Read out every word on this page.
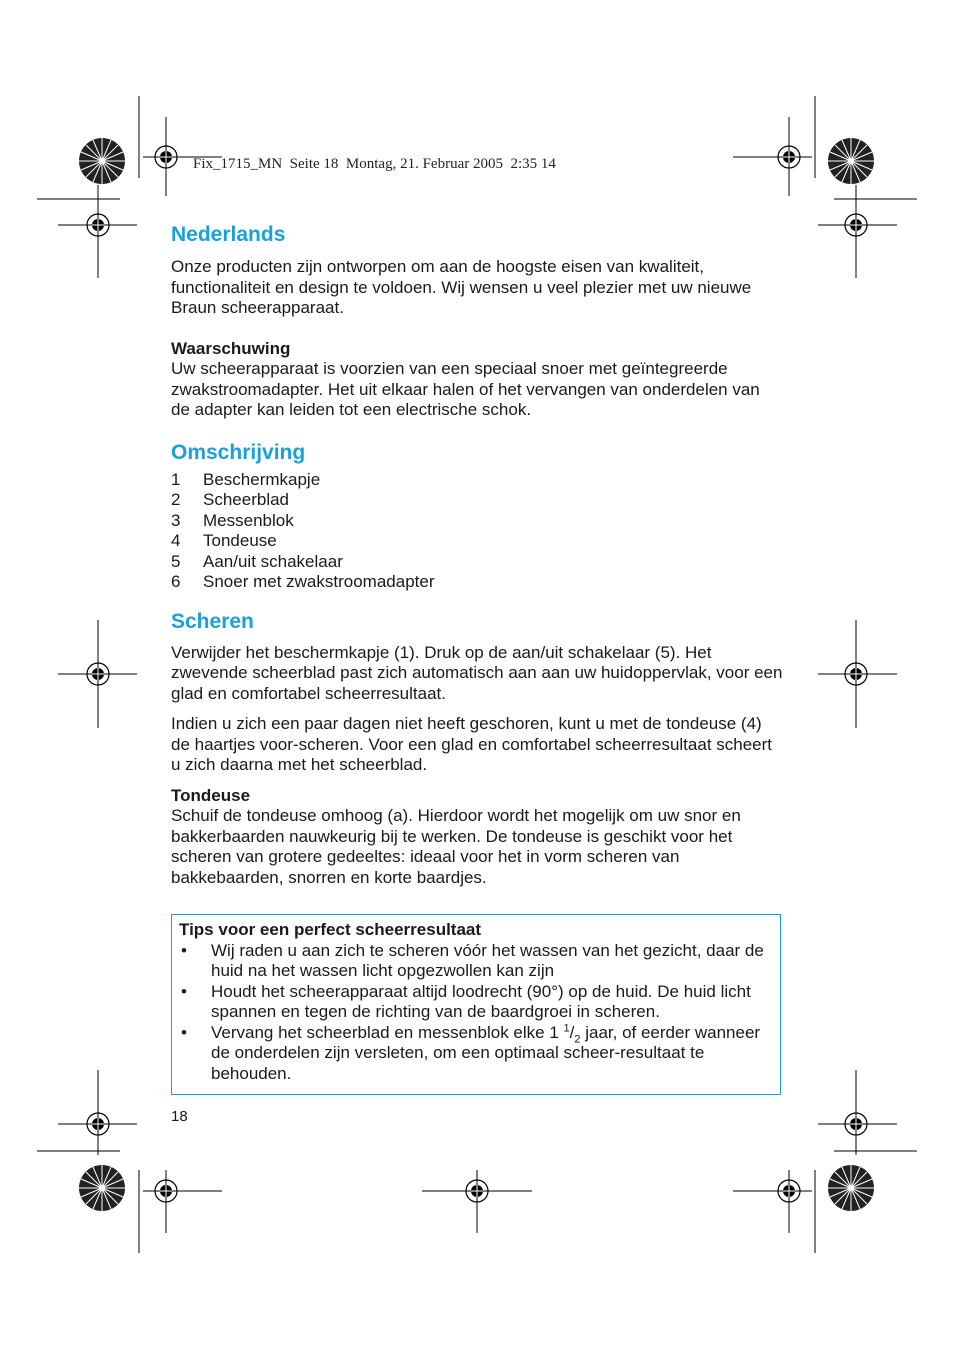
Fix_1715_MN  Seite 18  Montag, 21. Februar 2005  2:35 14
Nederlands

Onze producten zijn ontworpen om aan de hoogste eisen van kwaliteit, functionaliteit en design te voldoen. Wij wensen u veel plezier met uw nieuwe Braun scheerapparaat.

Waarschuwing

Uw scheerapparaat is voorzien van een speciaal snoer met geïntegreerde zwakstroomadapter. Het uit elkaar halen of het vervangen van onderdelen van de adapter kan leiden tot een electrische schok.

Omschrijving
1	Beschermkapje
2	Scheerblad
3	Messenblok
4	Tondeuse
5	Aan/uit schakelaar
6	Snoer met zwakstroomadapter
Scheren

Verwijder het beschermkapje (1). Druk op de aan/uit schakelaar (5). Het zwevende scheerblad past zich automatisch aan aan uw huidoppervlak, voor een glad en comfortabel scheerresultaat.

Indien u zich een paar dagen niet heeft geschoren, kunt u met de tondeuse (4) de haartjes voor-scheren. Voor een glad en comfortabel scheerresultaat scheert u zich daarna met het scheerblad.

Tondeuse

Schuif de tondeuse omhoog (a). Hierdoor wordt het mogelijk om uw snor en bakkerbaarden nauwkeurig bij te werken. De tondeuse is geschikt voor het scheren van grotere gedeeltes: ideaal voor het in vorm scheren van bakkebaarden, snorren en korte baardjes.

Tips voor een perfect scheerresultaat

•	Wij raden u aan zich te scheren vóór het wassen van het gezicht, daar de huid na het wassen licht opgezwollen kan zijn
•	Houdt het scheerapparaat altijd loodrecht (90°) op de huid. De huid licht spannen en tegen de richting van de baardgroei in scheren.
•	Vervang het scheerblad en messenblok elke 1 $^1/_2$ jaar, of eerder wanneer de onderdelen zijn versleten, om een optimaal scheer-resultaat te behouden.
18
